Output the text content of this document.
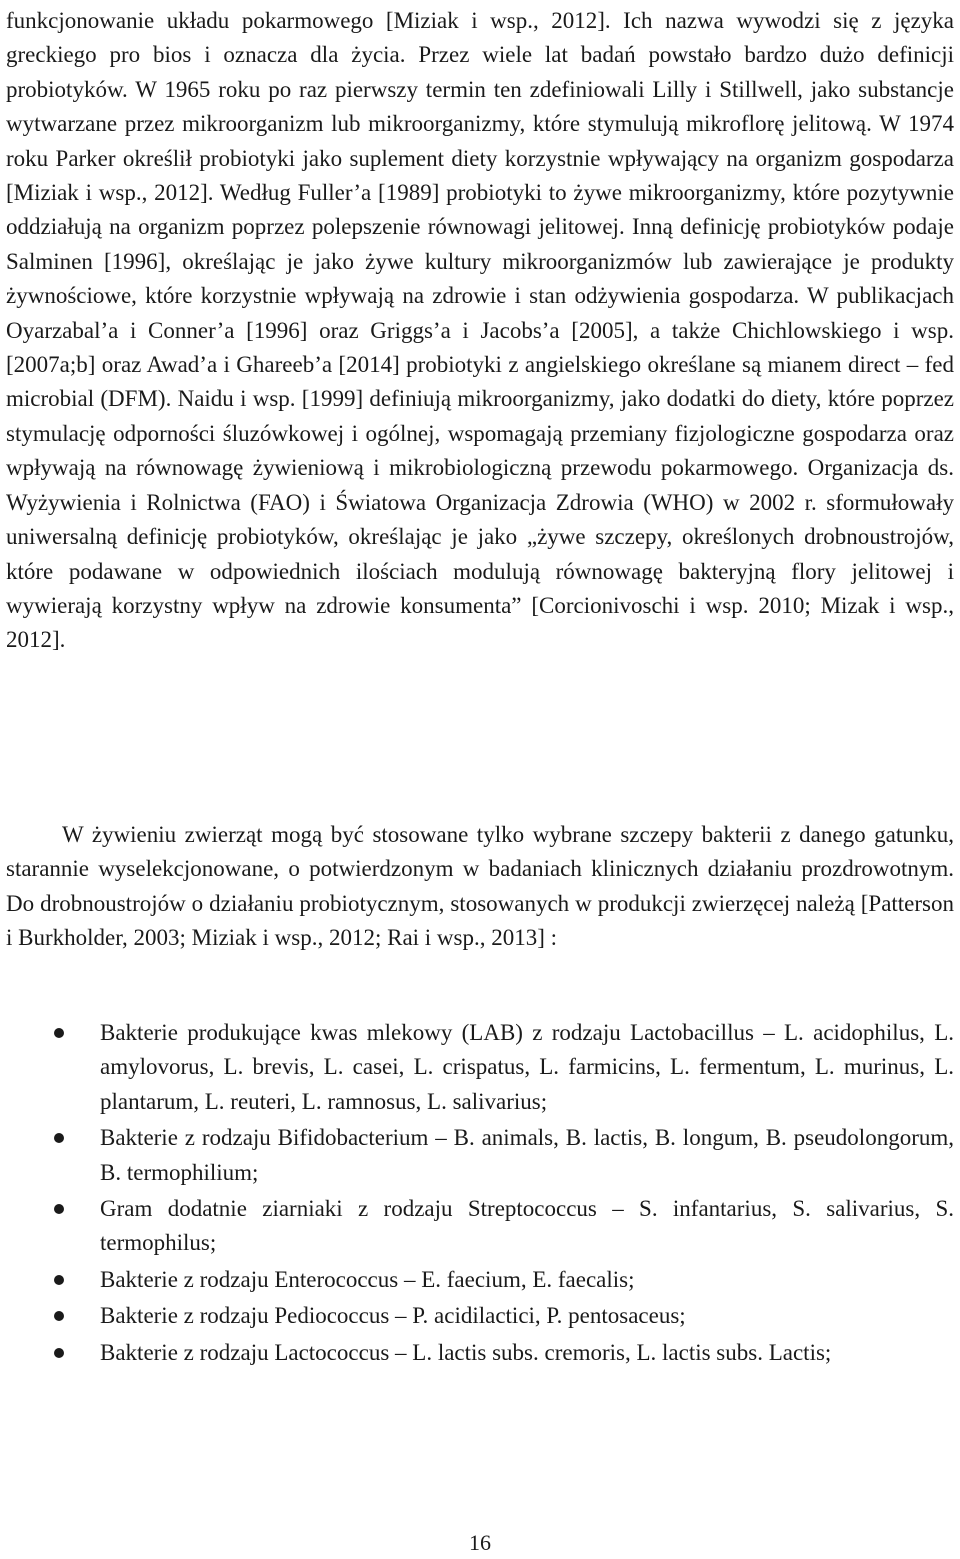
funkcjonowanie układu pokarmowego [Miziak i wsp., 2012]. Ich nazwa wywodzi się z języka greckiego pro bios i oznacza dla życia. Przez wiele lat badań powstało bardzo dużo definicji probiotyków. W 1965 roku po raz pierwszy termin ten zdefiniowali Lilly i Stillwell, jako substancje wytwarzane przez mikroorganizm lub mikroorganizmy, które stymulują mikroflorę jelitową. W 1974 roku Parker określił probiotyki jako suplement diety korzystnie wpływający na organizm gospodarza [Miziak i wsp., 2012]. Według Fuller’a [1989] probiotyki to żywe mikroorganizmy, które pozytywnie oddziałują na organizm poprzez polepszenie równowagi jelitowej. Inną definicję probiotyków podaje Salminen [1996], określając je jako żywe kultury mikroorganizmów lub zawierające je produkty żywnościowe, które korzystnie wpływają na zdrowie i stan odżywienia gospodarza. W publikacjach Oyarzabal’a i Conner’a [1996] oraz Griggs’a i Jacobs’a [2005], a także Chichlowskiego i wsp. [2007a;b] oraz Awad’a i Ghareeb’a [2014] probiotyki z angielskiego określane są mianem direct – fed microbial (DFM). Naidu i wsp. [1999] definiują mikroorganizmy, jako dodatki do diety, które poprzez stymulację odporności śluzówkowej i ogólnej, wspomagają przemiany fizjologiczne gospodarza oraz wpływają na równowagę żywieniową i mikrobiologiczną przewodu pokarmowego. Organizacja ds. Wyżywienia i Rolnictwa (FAO) i Światowa Organizacja Zdrowia (WHO) w 2002 r. sformułowały uniwersalną definicję probiotyków, określając je jako „żywe szczepy, określonych drobnoustrojów, które podawane w odpowiednich ilościach modulują równowagę bakteryjną flory jelitowej i wywierają korzystny wpływ na zdrowie konsumenta” [Corcionivoschi i wsp. 2010; Mizak i wsp., 2012].

W żywieniu zwierząt mogą być stosowane tylko wybrane szczepy bakterii z danego gatunku, starannie wyselekcjonowane, o potwierdzonym w badaniach klinicznych działaniu prozdrowotnym. Do drobnoustrojów o działaniu probiotycznym, stosowanych w produkcji zwierzęcej należą [Patterson i Burkholder, 2003; Miziak i wsp., 2012; Rai i wsp., 2013] :

Bakterie produkujące kwas mlekowy (LAB) z rodzaju Lactobacillus – L. acidophilus, L. amylovorus, L. brevis, L. casei, L. crispatus, L. farmicins, L. fermentum, L. murinus, L. plantarum, L. reuteri, L. ramnosus, L. salivarius;
Bakterie z rodzaju Bifidobacterium – B. animals, B. lactis, B. longum, B. pseudolongorum, B. termophilium;
Gram dodatnie ziarniaki z rodzaju Streptococcus – S. infantarius, S. salivarius, S. termophilus;
Bakterie z rodzaju Enterococcus – E. faecium, E. faecalis;
Bakterie z rodzaju Pediococcus – P. acidilactici, P. pentosaceus;
Bakterie z rodzaju Lactococcus – L. lactis subs. cremoris, L. lactis subs. Lactis;
16
